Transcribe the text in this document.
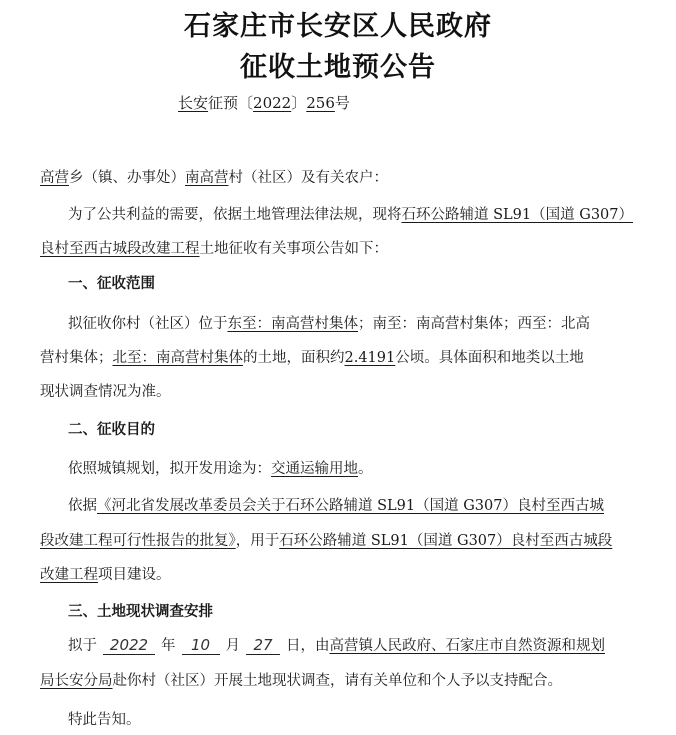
石家庄市长安区人民政府
征收土地预公告
长安征预〔2022〕256号
高营乡（镇、办事处）南高营村（社区）及有关农户：
为了公共利益的需要，依据土地管理法律法规，现将石环公路辅道 SL91（国道 G307）
良村至西古城段改建工程土地征收有关事项公告如下：
一、征收范围
拟征收你村（社区）位于东至：南高营村集体；南至：南高营村集体；西至：北高
营村集体；北至：南高营村集体的土地，面积约2.4191公顷。具体面积和地类以土地
现状调查情况为准。
二、征收目的
依照城镇规划，拟开发用途为：交通运输用地。
依据《河北省发展改革委员会关于石环公路辅道 SL91（国道 G307）良村至西古城
段改建工程可行性报告的批复》，用于石环公路辅道 SL91（国道 G307）良村至西古城段
改建工程项目建设。
三、土地现状调查安排
拟于 2022 年 10 月 27 日，由高营镇人民政府、石家庄市自然资源和规划
局长安分局赴你村（社区）开展土地现状调查，请有关单位和个人予以支持配合。
特此告知。
